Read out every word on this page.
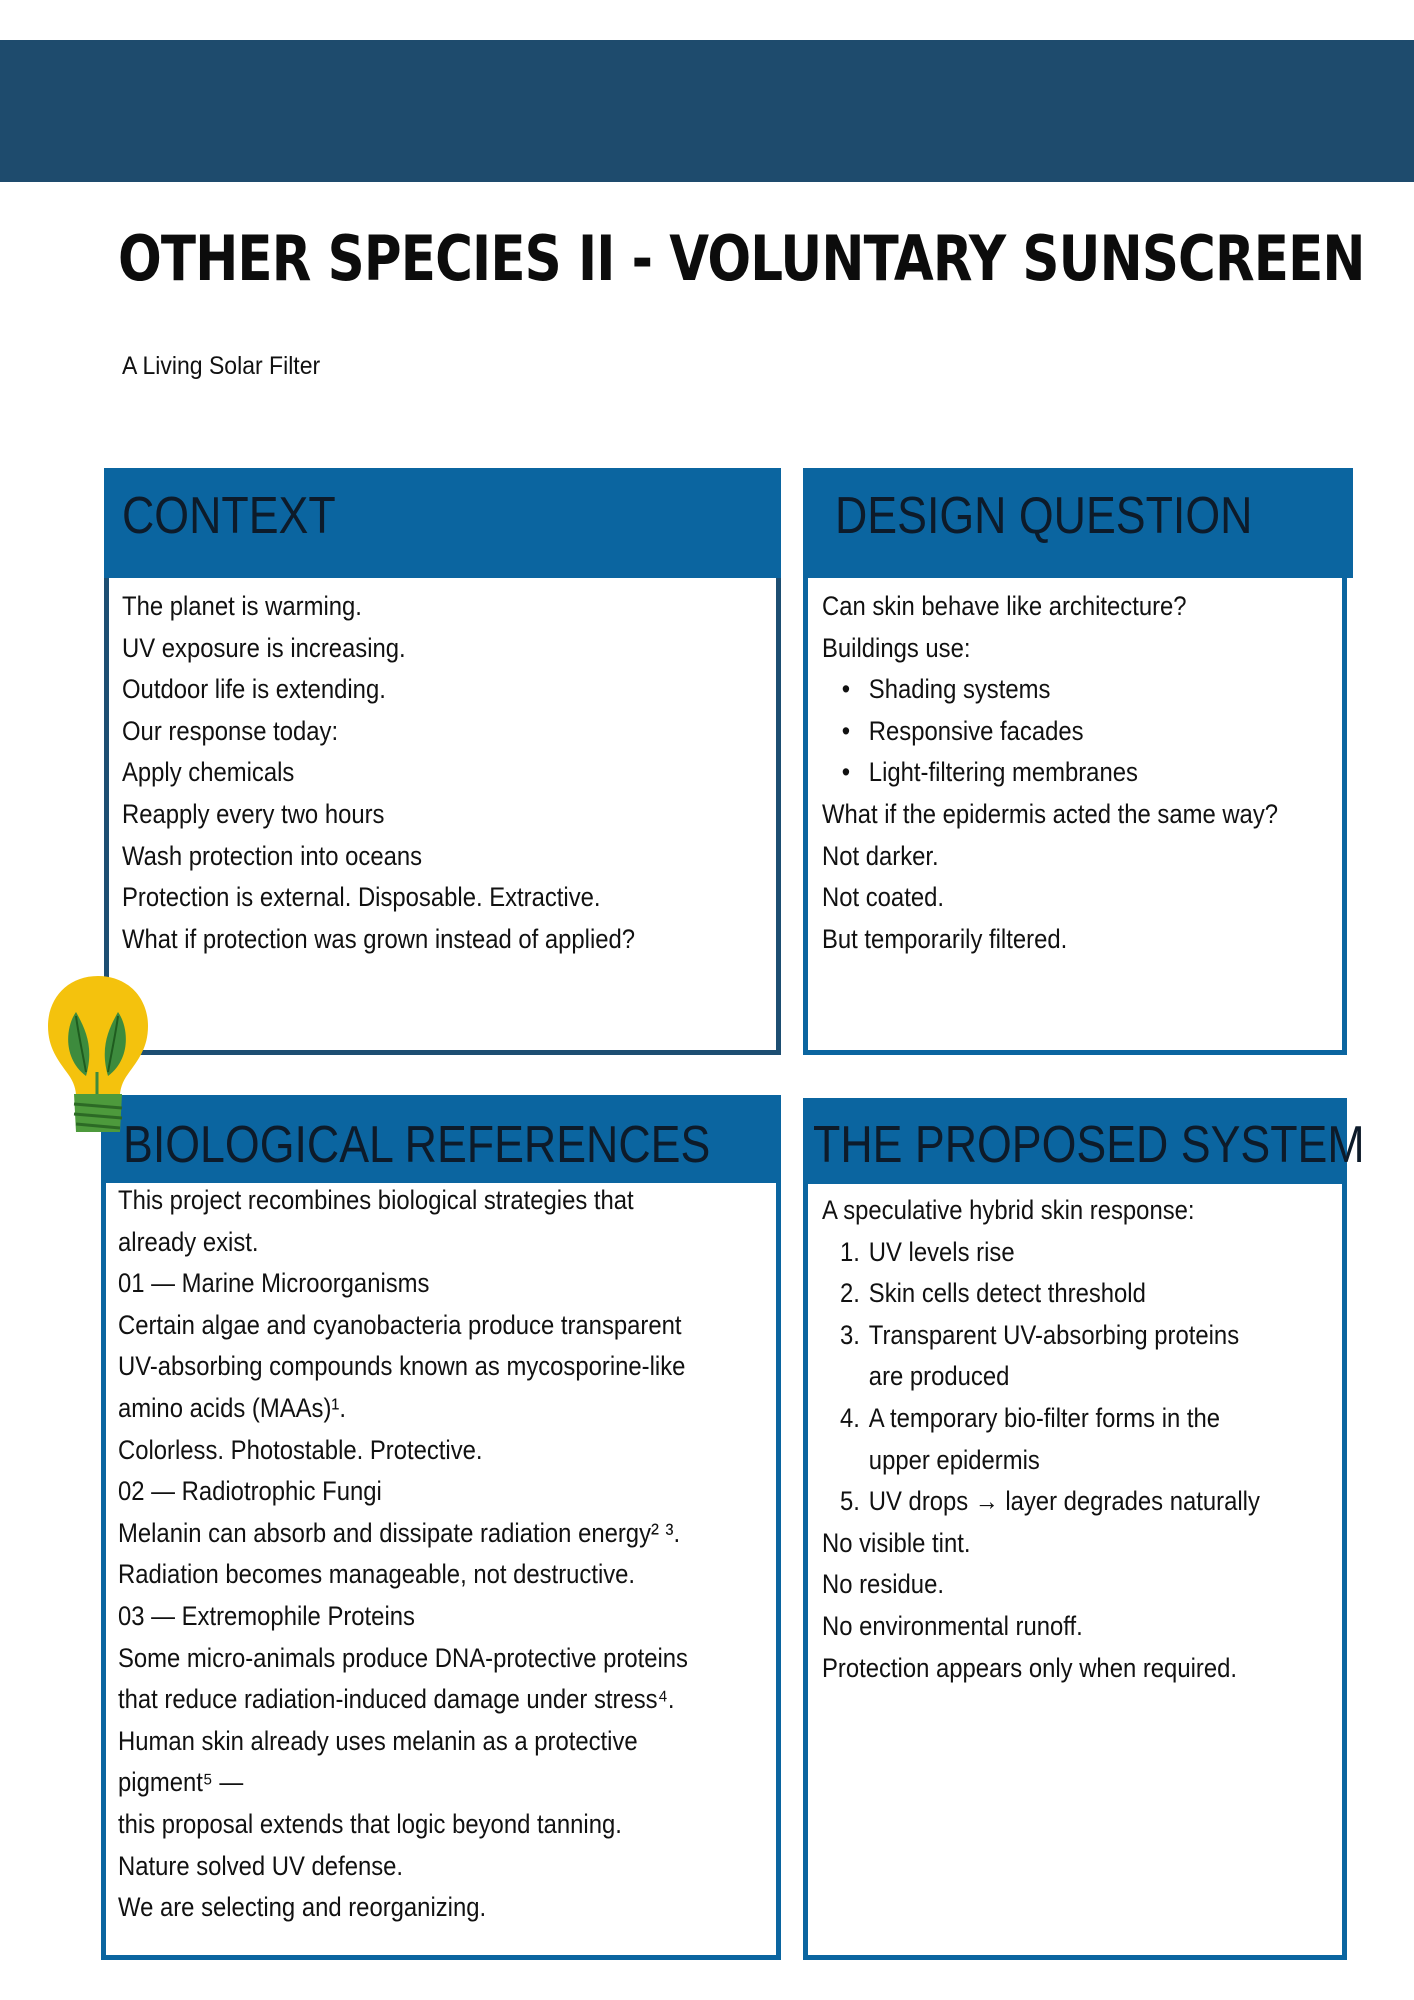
OTHER SPECIES II - VOLUNTARY SUNSCREEN
A Living Solar Filter
CONTEXT
The planet is warming.
UV exposure is increasing.
Outdoor life is extending.
Our response today:
Apply chemicals
Reapply every two hours
Wash protection into oceans
Protection is external. Disposable. Extractive.
What if protection was grown instead of applied?
DESIGN QUESTION
Can skin behave like architecture?
Buildings use:
• Shading systems
• Responsive facades
• Light-filtering membranes
What if the epidermis acted the same way?
Not darker.
Not coated.
But temporarily filtered.
BIOLOGICAL REFERENCES
This project recombines biological strategies that
already exist.
01 — Marine Microorganisms
Certain algae and cyanobacteria produce transparent
UV-absorbing compounds known as mycosporine-like
amino acids (MAAs)¹.
Colorless. Photostable. Protective.
02 — Radiotrophic Fungi
Melanin can absorb and dissipate radiation energy² ³.
Radiation becomes manageable, not destructive.
03 — Extremophile Proteins
Some micro-animals produce DNA-protective proteins
that reduce radiation-induced damage under stress⁴.
Human skin already uses melanin as a protective
pigment⁵ —
this proposal extends that logic beyond tanning.
Nature solved UV defense.
We are selecting and reorganizing.
THE PROPOSED SYSTEM
A speculative hybrid skin response:
1. UV levels rise
2. Skin cells detect threshold
3. Transparent UV-absorbing proteins
are produced
4. A temporary bio-filter forms in the
upper epidermis
5. UV drops → layer degrades naturally
No visible tint.
No residue.
No environmental runoff.
Protection appears only when required.
